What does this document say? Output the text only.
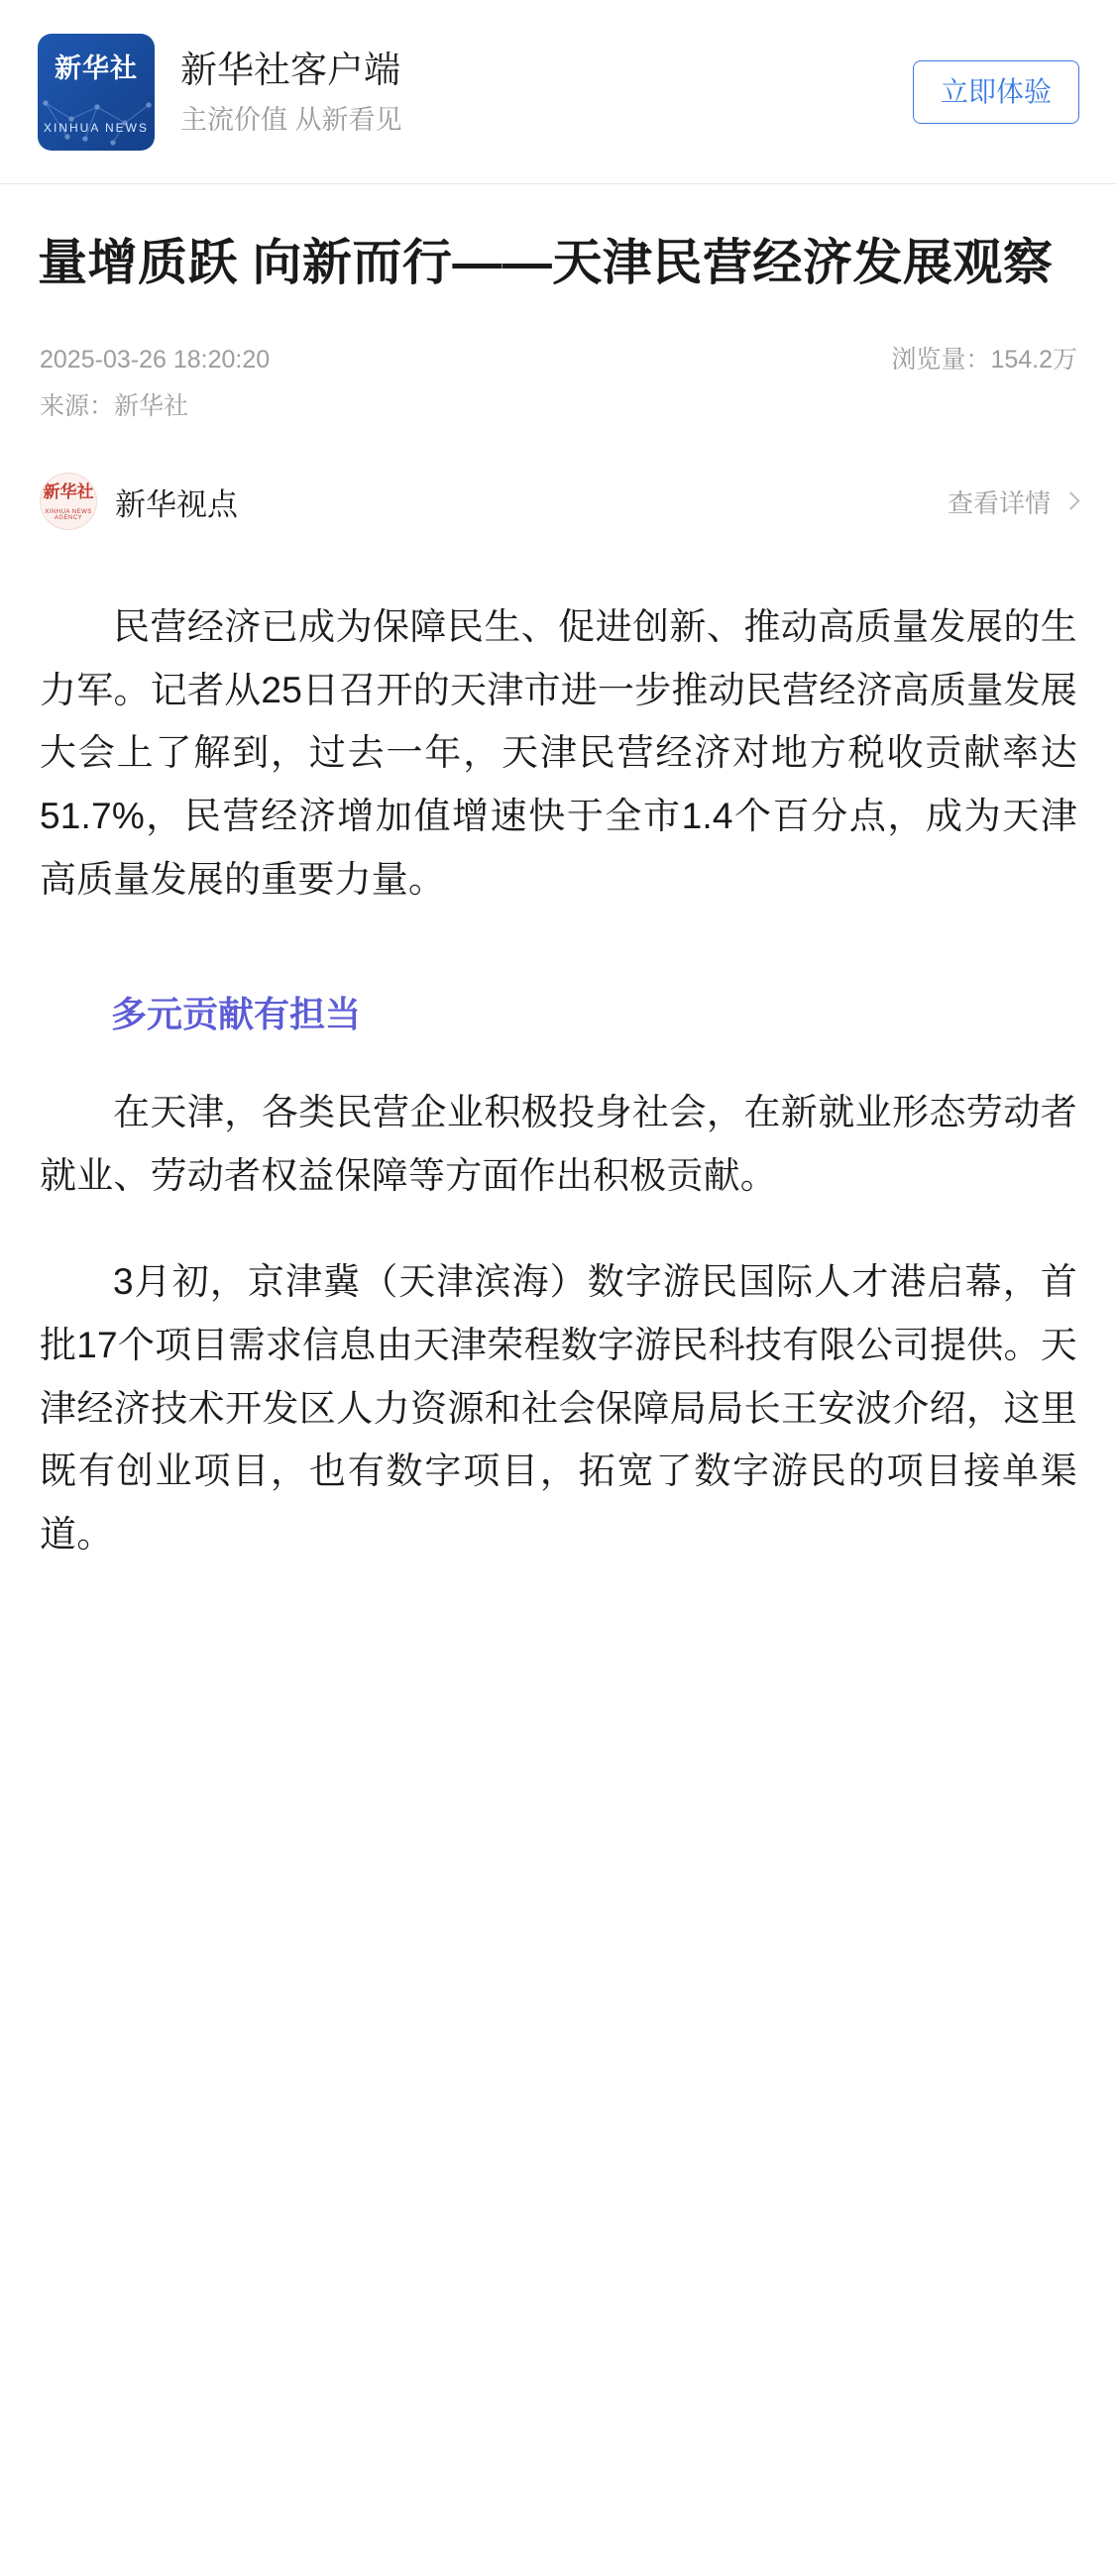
新华社
XINHUA NEWS
新华社客户端
主流价值 从新看见
立即体验
量增质跃 向新而行——天津民营经济发展观察
2025-03-26 18:20:20
来源：新华社
浏览量：154.2万
新华社
XINHUA NEWS AGENCY	新华视点	查看详情

民营经济已成为保障民生、促进创新、推动高质量发展的生力军。记者从25日召开的天津市进一步推动民营经济高质量发展大会上了解到，过去一年，天津民营经济对地方税收贡献率达51.7%，民营经济增加值增速快于全市1.4个百分点，成为天津高质量发展的重要力量。

多元贡献有担当

在天津，各类民营企业积极投身社会，在新就业形态劳动者就业、劳动者权益保障等方面作出积极贡献。

3月初，京津冀（天津滨海）数字游民国际人才港启幕，首批17个项目需求信息由天津荣程数字游民科技有限公司提供。天津经济技术开发区人力资源和社会保障局局长王安波介绍，这里既有创业项目，也有数字项目，拓宽了数字游民的项目接单渠道。
